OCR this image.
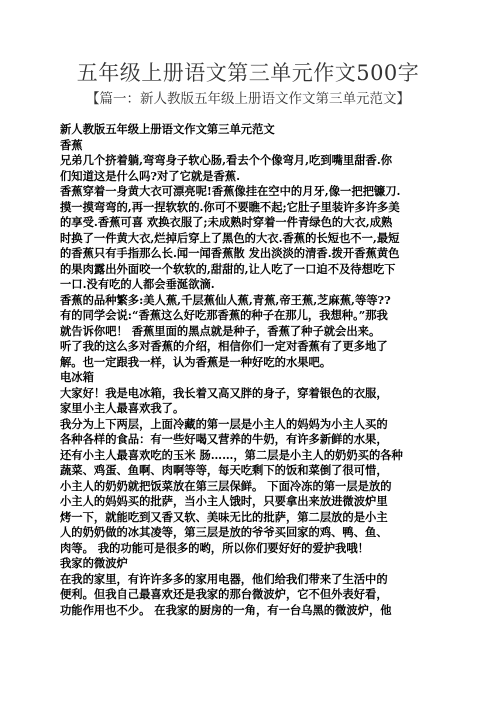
五年级上册语文第三单元作文500字
【篇一：新人教版五年级上册语文作文第三单元范文】
新人教版五年级上册语文作文第三单元范文
香蕉
兄弟几个挤着躺,弯弯身子软心肠,看去个个像弯月,吃到嘴里甜香.你
们知道这是什么吗?对了它就是香蕉.
香蕉穿着一身黄大衣可漂亮呢!香蕉像挂在空中的月牙,像一把把镰刀.
摸一摸弯弯的,再一捏软软的.你可不要瞧不起;它肚子里装许多许多美
的享受.香蕉可喜 欢换衣服了;未成熟时穿着一件青绿色的大衣,成熟
时换了一件黄大衣,烂掉后穿上了黑色的大衣.香蕉的长短也不一,最短
的香蕉只有手指那么长.闻一闻香蕉散 发出淡淡的清香.拨开香蕉黄色
的果肉露出外面咬一个软软的,甜甜的,让人吃了一口迫不及待想吃下
一口.没有吃的人都会垂涎欲滴.
香蕉的品种繁多:美人蕉,千层蕉仙人蕉,青蕉,帝王蕉,芝麻蕉,等等??
有的同学会说:“香蕉这么好吃那香蕉的种子在那儿，我想种。”那我
就告诉你吧！ 香蕉里面的黑点就是种子，香蕉了种子就会出来。
听了我的这么多对香蕉的介绍，相信你们一定对香蕉有了更多地了
解。也一定跟我一样，认为香蕉是一种好吃的水果吧。
电冰箱
大家好！我是电冰箱，我长着又高又胖的身子，穿着银色的衣服，
家里小主人最喜欢我了。
我分为上下两层，上面冷藏的第一层是小主人的妈妈为小主人买的
各种各样的食品：有一些好喝又营养的牛奶，有许多新鲜的水果，
还有小主人最喜欢吃的玉米 肠……，第二层是小主人的奶奶买的各种
蔬菜、鸡蛋、鱼啊、肉啊等等，每天吃剩下的饭和菜倒了很可惜，
小主人的奶奶就把饭菜放在第三层保鲜。 下面冷冻的第一层是放的
小主人的妈妈买的批萨，当小主人饿时，只要拿出来放进微波炉里
烤一下，就能吃到又香又软、美味无比的批萨，第二层放的是小主
人的奶奶做的冰其凌等，第三层是放的爷爷买回家的鸡、鸭、鱼、
肉等。 我的功能可是很多的哟，所以你们要好好的爱护我哦！
我家的微波炉
在我的家里，有许许多多的家用电器，他们给我们带来了生活中的
便利。但我自己最喜欢还是我家的那台微波炉，它不但外表好看，
功能作用也不少。 在我家的厨房的一角，有一台乌黑的微波炉，他
